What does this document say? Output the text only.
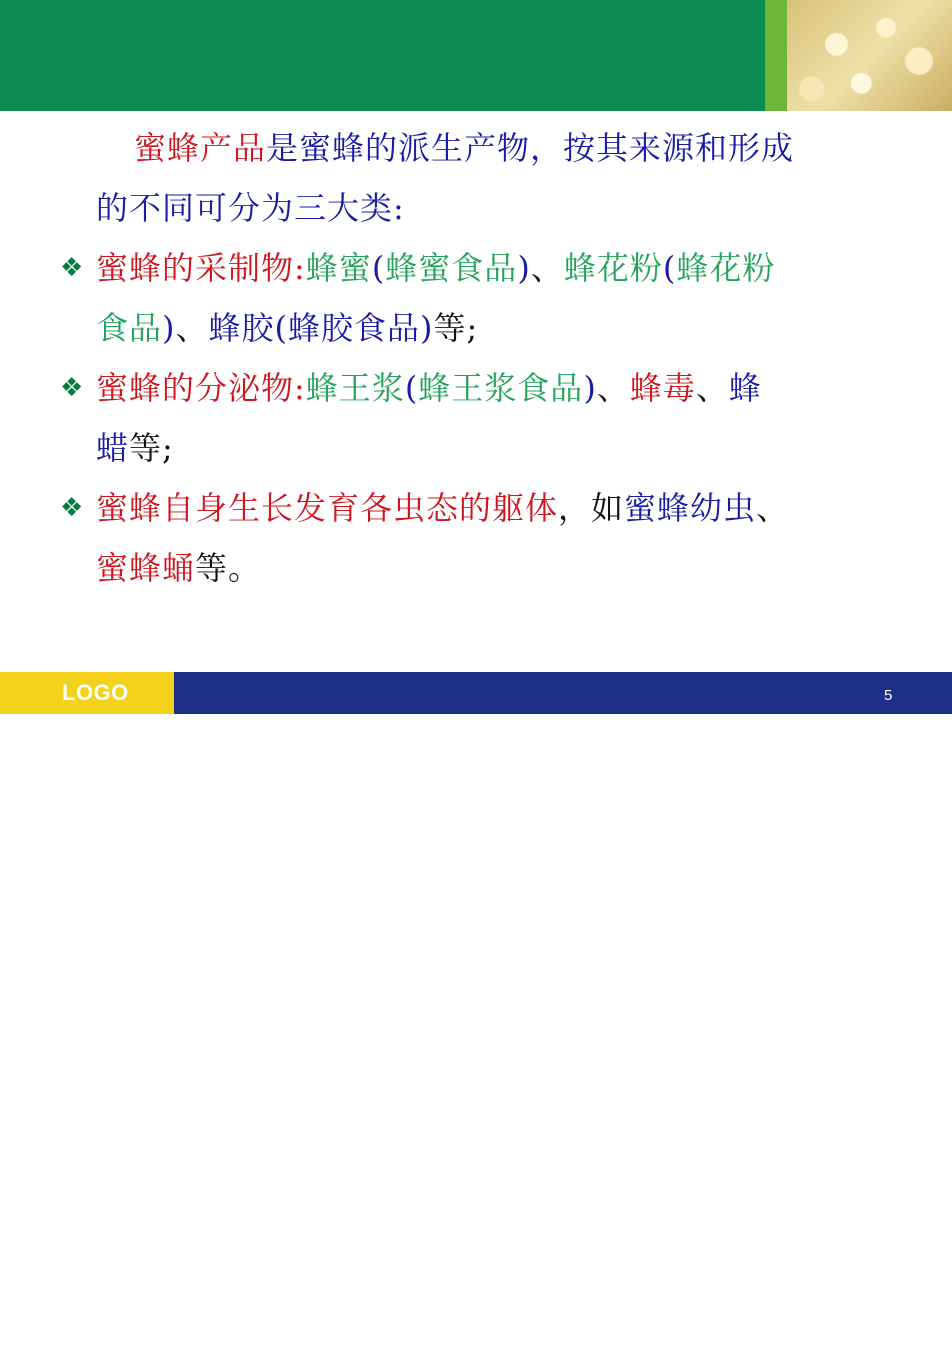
蜜蜂产品是蜜蜂的派生产物，按其来源和形成
的不同可分为三大类:
❖ 蜜蜂的采制物:蜂蜜(蜂蜜食品)、蜂花粉(蜂花粉
食品)、蜂胶(蜂胶食品)等;
❖ 蜜蜂的分泌物:蜂王浆(蜂王浆食品)、蜂毒、蜂
蜡等;
❖ 蜜蜂自身生长发育各虫态的躯体，如蜜蜂幼虫、
蜜蜂蛹等。
LOGO	5
